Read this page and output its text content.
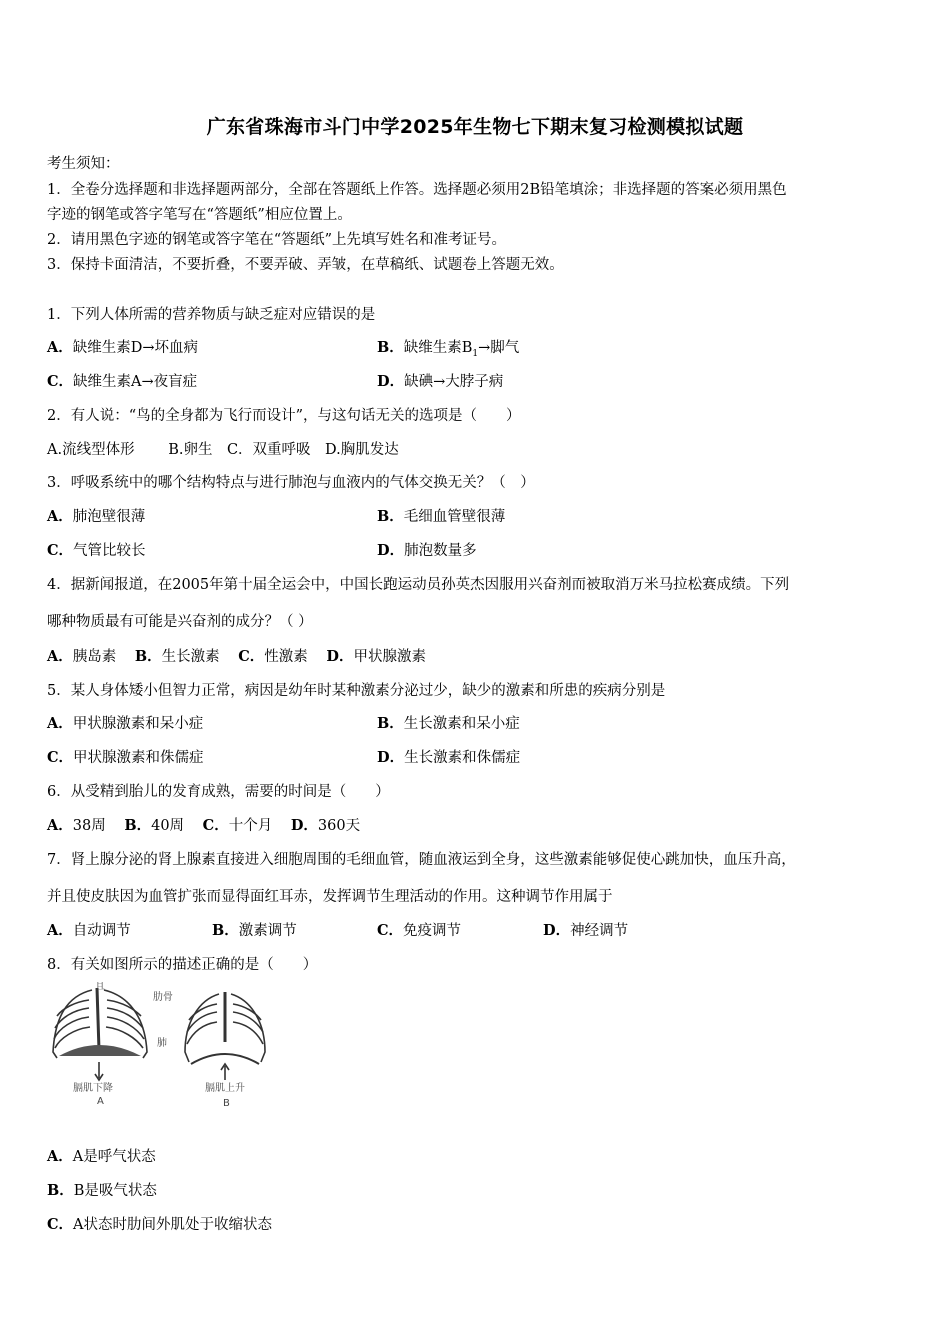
广东省珠海市斗门中学2025年生物七下期末复习检测模拟试题
考生须知：
1．全卷分选择题和非选择题两部分，全部在答题纸上作答。选择题必须用2B铅笔填涂；非选择题的答案必须用黑色
字迹的钢笔或答字笔写在“答题纸”相应位置上。
2．请用黑色字迹的钢笔或答字笔在“答题纸”上先填写姓名和准考证号。
3．保持卡面清洁，不要折叠，不要弄破、弄皱，在草稿纸、试题卷上答题无效。
1．下列人体所需的营养物质与缺乏症对应错误的是
A．缺维生素D→坏血病	B．缺维生素$B_1\to$脚气
C．缺维生素A→夜盲症	D．缺碘→大脖子病
2．有人说：“鸟的全身都为飞行而设计”，与这句话无关的选项是（　　）
A.流线型体形　　 B.卵生　C．双重呼吸　D.胸肌发达
3．呼吸系统中的哪个结构特点与进行肺泡与血液内的气体交换无关？（　）
A．肺泡壁很薄	B．毛细血管壁很薄
C．气管比较长	D．肺泡数量多
4．据新闻报道，在2005年第十届全运会中，中国长跑运动员孙英杰因服用兴奋剂而被取消万米马拉松赛成绩。下列
哪种物质最有可能是兴奋剂的成分？（ ）
A．胰岛素 B．生长激素 C．性激素 D．甲状腺激素
5．某人身体矮小但智力正常，病因是幼年时某种激素分泌过少，缺少的激素和所患的疾病分别是
A．甲状腺激素和呆小症	B．生长激素和呆小症
C．甲状腺激素和侏儒症	D．生长激素和侏儒症
6．从受精到胎儿的发育成熟，需要的时间是（　　）
A．38周 B．40周 C．十个月 D．360天
7．肾上腺分泌的肾上腺素直接进入细胞周围的毛细血管，随血液运到全身，这些激素能够促使心跳加快，血压升高，
并且使皮肤因为血管扩张而显得面红耳赤，发挥调节生理活动的作用。这种调节作用属于
A．自动调节	B．激素调节	C．免疫调节	D．神经调节
8．有关如图所示的描述正确的是（　　）
且
肋骨
肺
膈肌下降
A
膈肌上升
B
A．A是呼气状态
B．B是吸气状态
C．A状态时肋间外肌处于收缩状态
